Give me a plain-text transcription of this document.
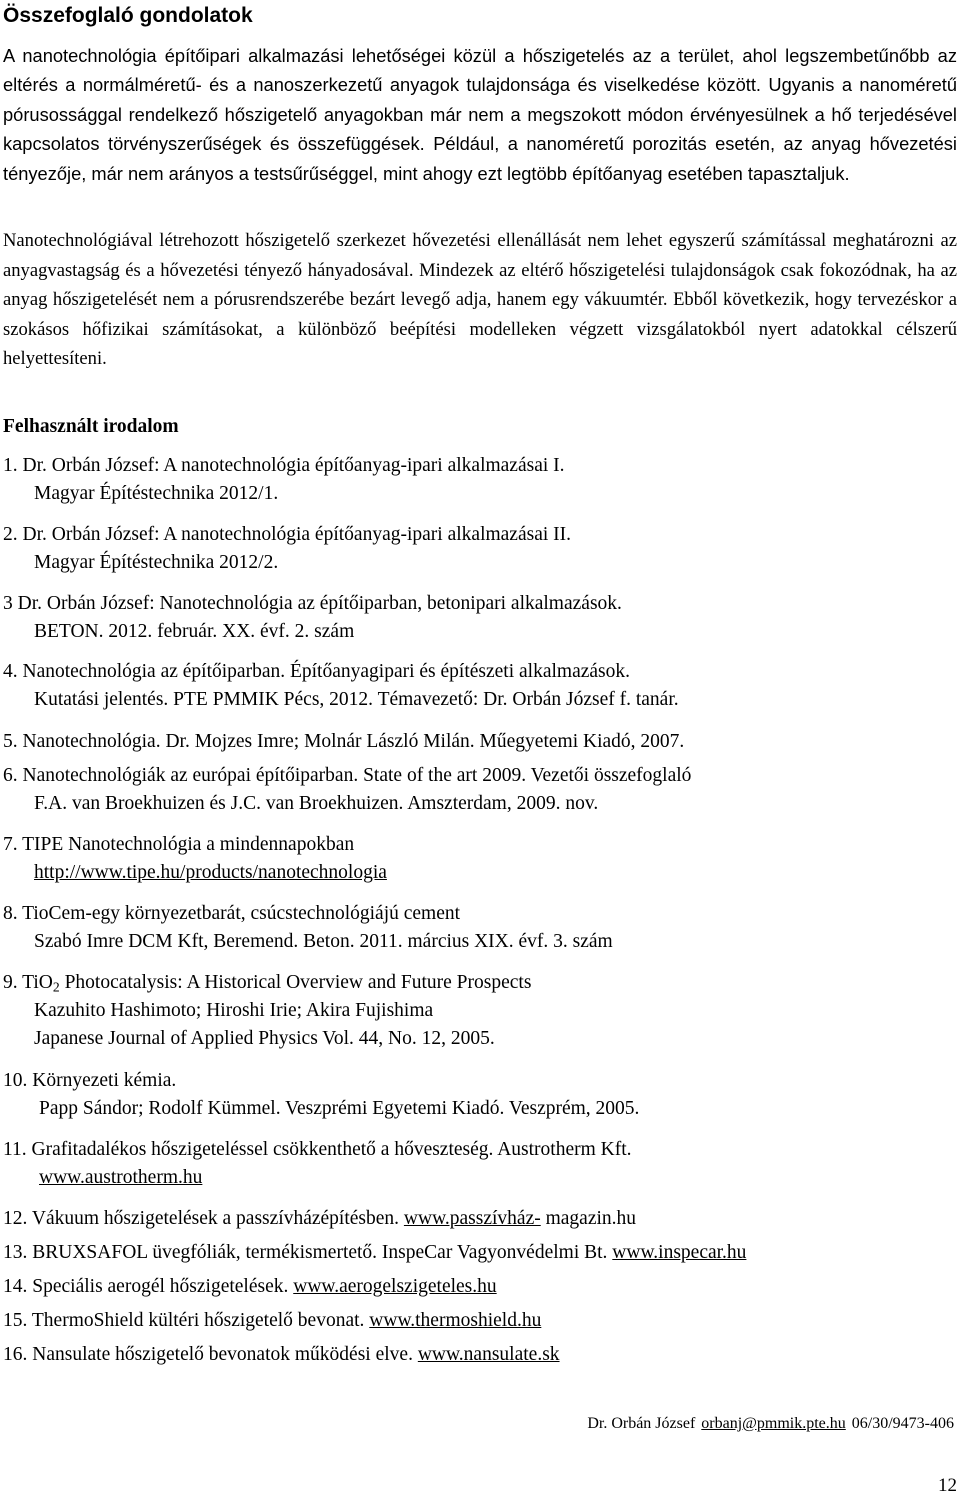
Összefoglaló gondolatok

A nanotechnológia építőipari alkalmazási lehetőségei közül a hőszigetelés az a terület, ahol legszembetűnőbb az eltérés a normálméretű- és a nanoszerkezetű anyagok tulajdonsága és viselkedése között. Ugyanis a nanoméretű pórusossággal rendelkező hőszigetelő anyagokban már nem a megszokott módon érvényesülnek a hő terjedésével kapcsolatos törvényszerűségek és összefüggések. Például, a nanoméretű porozitás esetén, az anyag hővezetési tényezője, már nem arányos a testsűrűséggel, mint ahogy ezt legtöbb építőanyag esetében tapasztaljuk.

Nanotechnológiával létrehozott hőszigetelő szerkezet hővezetési ellenállását nem lehet egyszerű számítással meghatározni az anyagvastagság és a hővezetési tényező hányadosával. Mindezek az eltérő hőszigetelési tulajdonságok csak fokozódnak, ha az anyag hőszigetelését nem a pórusrendszerébe bezárt levegő adja, hanem egy vákuumtér. Ebből következik, hogy tervezéskor a szokásos hőfizikai számításokat, a különböző beépítési modelleken végzett vizsgálatokból nyert adatokkal célszerű helyettesíteni.

Felhasznált irodalom
1. Dr. Orbán József: A nanotechnológia építőanyag-ipari alkalmazásai I.
Magyar Építéstechnika 2012/1.
2. Dr. Orbán József: A nanotechnológia építőanyag-ipari alkalmazásai II.
Magyar Építéstechnika 2012/2.
3 Dr. Orbán József: Nanotechnológia az építőiparban, betonipari alkalmazások.
BETON. 2012. február. XX. évf. 2. szám
4. Nanotechnológia az építőiparban. Építőanyagipari és építészeti alkalmazások.
Kutatási jelentés. PTE PMMIK Pécs, 2012. Témavezető: Dr. Orbán József f. tanár.
5. Nanotechnológia. Dr. Mojzes Imre; Molnár László Milán. Műegyetemi Kiadó, 2007.
6. Nanotechnológiák az európai építőiparban. State of the art 2009. Vezetői összefoglaló
F.A. van Broekhuizen és J.C. van Broekhuizen. Amszterdam, 2009. nov.
7. TIPE Nanotechnológia a mindennapokban
http://www.tipe.hu/products/nanotechnologia
8. TioCem-egy környezetbarát, csúcstechnológiájú cement
Szabó Imre DCM Kft, Beremend. Beton. 2011. március XIX. évf. 3. szám
9. TiO$_2$ Photocatalysis: A Historical Overview and Future Prospects
Kazuhito Hashimoto; Hiroshi Irie; Akira Fujishima
Japanese Journal of Applied Physics Vol. 44, No. 12, 2005.
10. Környezeti kémia.
Papp Sándor; Rodolf Kümmel. Veszprémi Egyetemi Kiadó. Veszprém, 2005.
11. Grafitadalékos hőszigeteléssel csökkenthető a hőveszteség. Austrotherm Kft.
www.austrotherm.hu
12. Vákuum hőszigetelések a passzívházépítésben. www.passzívház- magazin.hu
13. BRUXSAFOL üvegfóliák, termékismertető. InspeCar Vagyonvédelmi Bt. www.inspecar.hu
14. Speciális aerogél hőszigetelések. www.aerogelszigeteles.hu
15. ThermoShield kültéri hőszigetelő bevonat. www.thermoshield.hu
16. Nansulate hőszigetelő bevonatok működési elve. www.nansulate.sk
Dr. Orbán József orbanj@pmmik.pte.hu 06/30/9473-406
12
